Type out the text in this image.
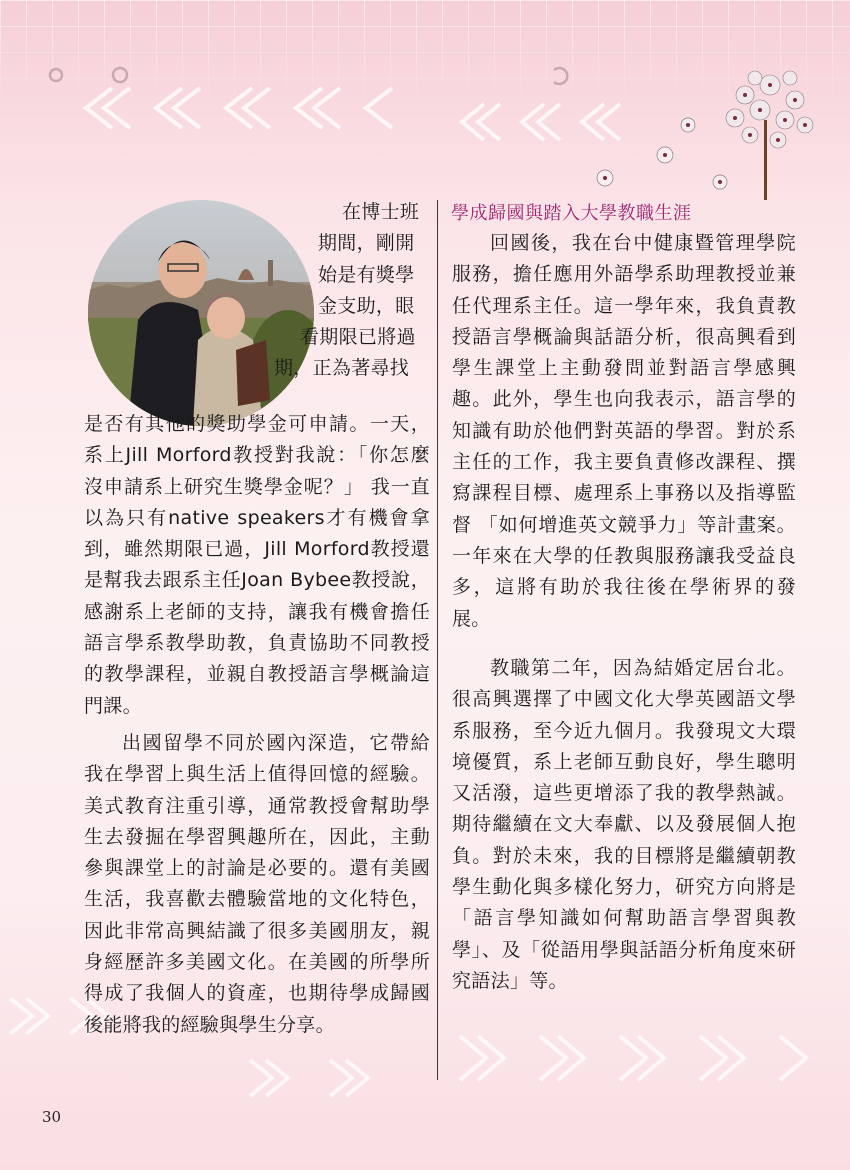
在博士班
期間，剛開
始是有獎學
金支助，眼
看期限已將過
期，正為著尋找

是否有其他的獎助學金可申請。一天，系上Jill Morford教授對我說：「你怎麼沒申請系上研究生獎學金呢？」 我一直以為只有native speakers才有機會拿到，雖然期限已過，Jill Morford教授還是幫我去跟系主任Joan Bybee教授說，感謝系上老師的支持，讓我有機會擔任語言學系教學助教，負責協助不同教授的教學課程，並親自教授語言學概論這門課。

出國留學不同於國內深造，它帶給我在學習上與生活上值得回憶的經驗。美式教育注重引導，通常教授會幫助學生去發掘在學習興趣所在，因此，主動參與課堂上的討論是必要的。還有美國生活，我喜歡去體驗當地的文化特色，因此非常高興結識了很多美國朋友，親身經歷許多美國文化。在美國的所學所得成了我個人的資產，也期待學成歸國後能將我的經驗與學生分享。

學成歸國與踏入大學教職生涯

回國後，我在台中健康暨管理學院服務，擔任應用外語學系助理教授並兼任代理系主任。這一學年來，我負責教授語言學概論與話語分析，很高興看到學生課堂上主動發問並對語言學感興趣。此外，學生也向我表示，語言學的知識有助於他們對英語的學習。對於系主任的工作，我主要負責修改課程、撰寫課程目標、處理系上事務以及指導監督 「如何增進英文競爭力」等計畫案。一年來在大學的任教與服務讓我受益良多，這將有助於我往後在學術界的發展。

教職第二年，因為結婚定居台北。很高興選擇了中國文化大學英國語文學系服務，至今近九個月。我發現文大環境優質，系上老師互動良好，學生聰明又活潑，這些更增添了我的教學熱誠。期待繼續在文大奉獻、以及發展個人抱負。對於未來，我的目標將是繼續朝教學生動化與多樣化努力，研究方向將是「語言學知識如何幫助語言學習與教學」、及「從語用學與話語分析角度來研究語法」等。

30
